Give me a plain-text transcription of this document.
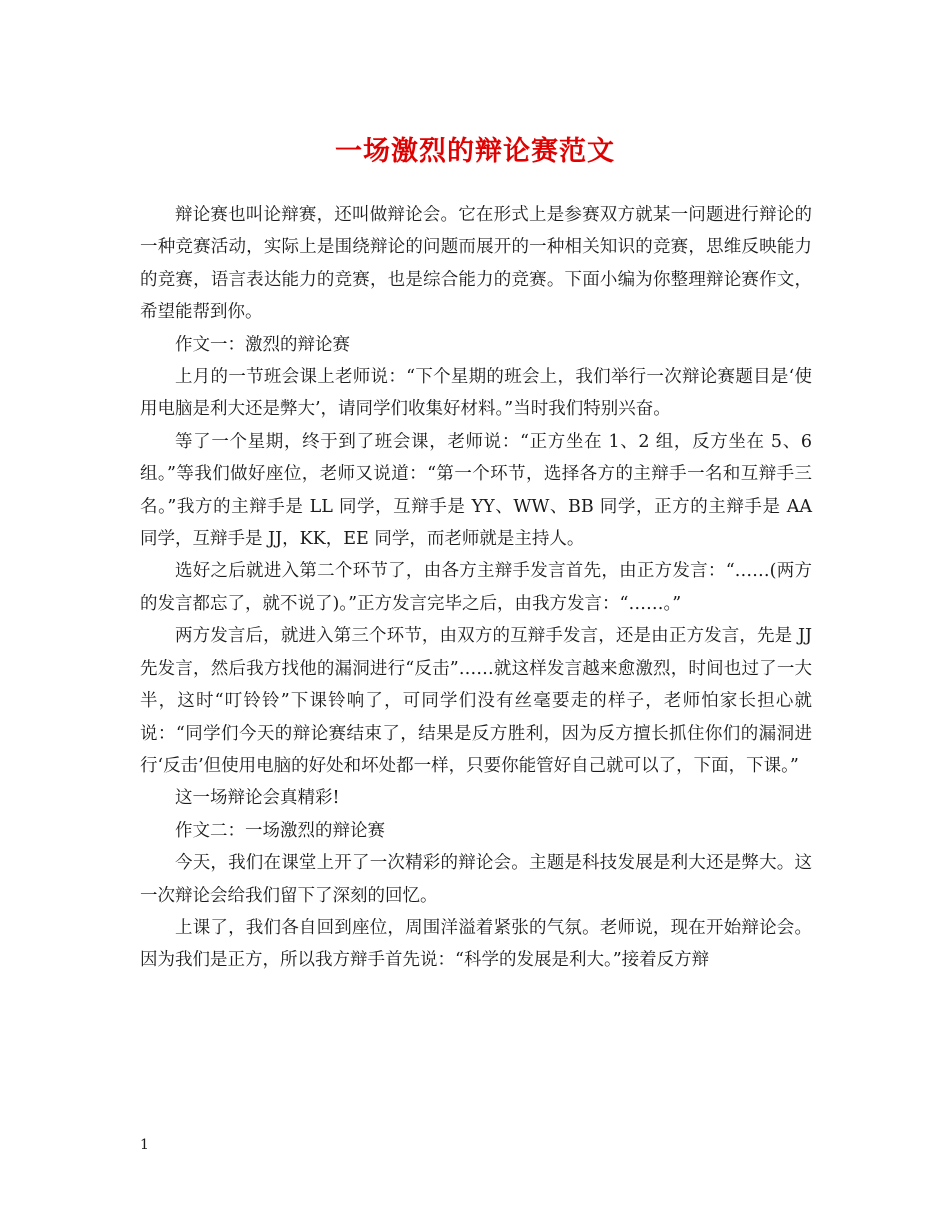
一场激烈的辩论赛范文

辩论赛也叫论辩赛，还叫做辩论会。它在形式上是参赛双方就某一问题进行辩论的一种竞赛活动，实际上是围绕辩论的问题而展开的一种相关知识的竞赛，思维反映能力的竞赛，语言表达能力的竞赛，也是综合能力的竞赛。下面小编为你整理辩论赛作文，希望能帮到你。

作文一：激烈的辩论赛

上月的一节班会课上老师说：“下个星期的班会上，我们举行一次辩论赛题目是‘使用电脑是利大还是弊大’，请同学们收集好材料。”当时我们特别兴奋。

等了一个星期，终于到了班会课，老师说：“正方坐在 1、2 组，反方坐在 5、6 组。”等我们做好座位，老师又说道：“第一个环节，选择各方的主辩手一名和互辩手三名。”我方的主辩手是 LL 同学，互辩手是 YY、WW、BB 同学，正方的主辩手是 AA 同学，互辩手是 JJ，KK，EE 同学，而老师就是主持人。

选好之后就进入第二个环节了，由各方主辩手发言首先，由正方发言：“……(两方的发言都忘了，就不说了)。”正方发言完毕之后，由我方发言：“……。”

两方发言后，就进入第三个环节，由双方的互辩手发言，还是由正方发言，先是 JJ 先发言，然后我方找他的漏洞进行“反击”……就这样发言越来愈激烈，时间也过了一大半，这时“叮铃铃”下课铃响了，可同学们没有丝毫要走的样子，老师怕家长担心就说：“同学们今天的辩论赛结束了，结果是反方胜利，因为反方擅长抓住你们的漏洞进行‘反击’但使用电脑的好处和坏处都一样，只要你能管好自己就可以了，下面，下课。”

这一场辩论会真精彩!

作文二：一场激烈的辩论赛

今天，我们在课堂上开了一次精彩的辩论会。主题是科技发展是利大还是弊大。这一次辩论会给我们留下了深刻的回忆。

上课了，我们各自回到座位，周围洋溢着紧张的气氛。老师说，现在开始辩论会。因为我们是正方，所以我方辩手首先说：“科学的发展是利大。”接着反方辩

1
